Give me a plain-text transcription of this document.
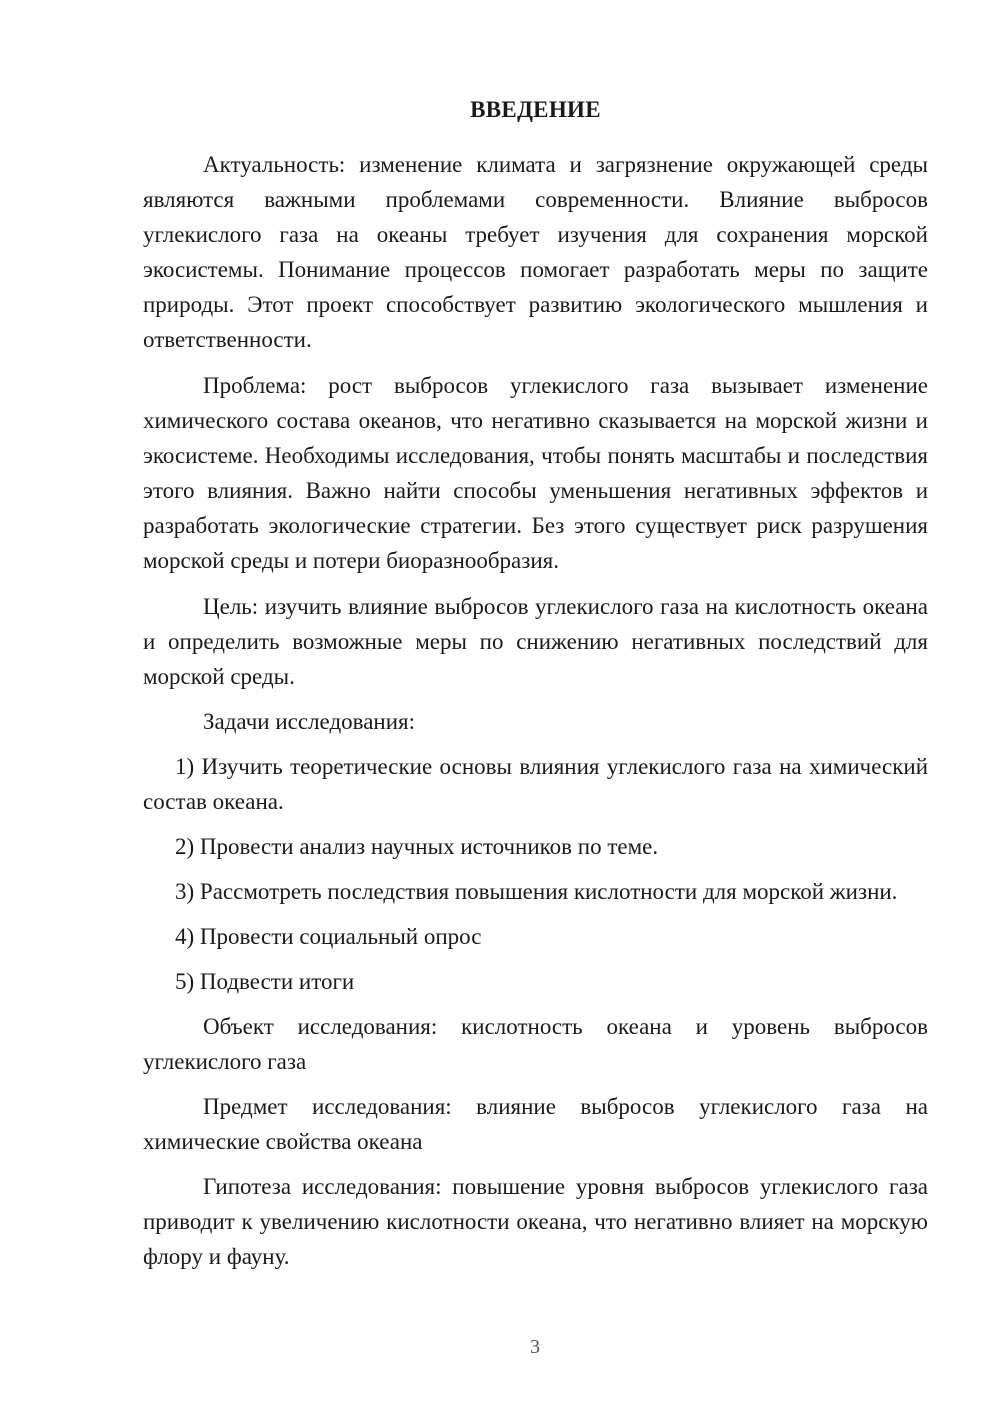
ВВЕДЕНИЕ

Актуальность: изменение климата и загрязнение окружающей среды являются важными проблемами современности. Влияние выбросов углекислого газа на океаны требует изучения для сохранения морской экосистемы. Понимание процессов помогает разработать меры по защите природы. Этот проект способствует развитию экологического мышления и ответственности.

Проблема: рост выбросов углекислого газа вызывает изменение химического состава океанов, что негативно сказывается на морской жизни и экосистеме. Необходимы исследования, чтобы понять масштабы и последствия этого влияния. Важно найти способы уменьшения негативных эффектов и разработать экологические стратегии. Без этого существует риск разрушения морской среды и потери биоразнообразия.

Цель: изучить влияние выбросов углекислого газа на кислотность океана и определить возможные меры по снижению негативных последствий для морской среды.

Задачи исследования:

1) Изучить теоретические основы влияния углекислого газа на химический состав океана.

2) Провести анализ научных источников по теме.

3) Рассмотреть последствия повышения кислотности для морской жизни.

4) Провести социальный опрос

5) Подвести итоги

Объект исследования: кислотность океана и уровень выбросов углекислого газа

Предмет исследования: влияние выбросов углекислого газа на химические свойства океана

Гипотеза исследования: повышение уровня выбросов углекислого газа приводит к увеличению кислотности океана, что негативно влияет на морскую флору и фауну.

3
